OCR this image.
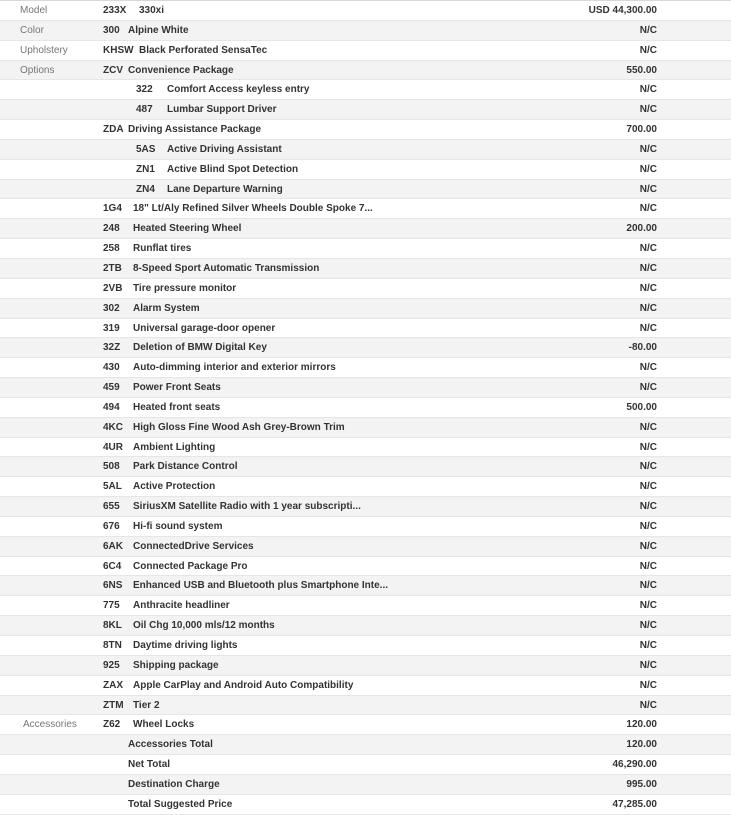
Model	233X 330xi	USD 44,300.00
Color	300 Alpine White	N/C
Upholstery	KHSW Black Perforated SensaTec	N/C
Options	ZCV Convenience Package	550.00
322 Comfort Access keyless entry	N/C
487 Lumbar Support Driver	N/C
ZDA Driving Assistance Package	700.00
5AS Active Driving Assistant	N/C
ZN1 Active Blind Spot Detection	N/C
ZN4 Lane Departure Warning	N/C
1G4 18" Lt/Aly Refined Silver Wheels Double Spoke 7...	N/C
248 Heated Steering Wheel	200.00
258 Runflat tires	N/C
2TB 8-Speed Sport Automatic Transmission	N/C
2VB Tire pressure monitor	N/C
302 Alarm System	N/C
319 Universal garage-door opener	N/C
32Z Deletion of BMW Digital Key	-80.00
430 Auto-dimming interior and exterior mirrors	N/C
459 Power Front Seats	N/C
494 Heated front seats	500.00
4KC High Gloss Fine Wood Ash Grey-Brown Trim	N/C
4UR Ambient Lighting	N/C
508 Park Distance Control	N/C
5AL Active Protection	N/C
655 SiriusXM Satellite Radio with 1 year subscripti...	N/C
676 Hi-fi sound system	N/C
6AK ConnectedDrive Services	N/C
6C4 Connected Package Pro	N/C
6NS Enhanced USB and Bluetooth plus Smartphone Inte...	N/C
775 Anthracite headliner	N/C
8KL Oil Chg 10,000 mls/12 months	N/C
8TN Daytime driving lights	N/C
925 Shipping package	N/C
ZAX Apple CarPlay and Android Auto Compatibility	N/C
ZTM Tier 2	N/C
Accessories	Z62 Wheel Locks	120.00
Accessories Total	120.00
Net Total	46,290.00
Destination Charge	995.00
Total Suggested Price	47,285.00
